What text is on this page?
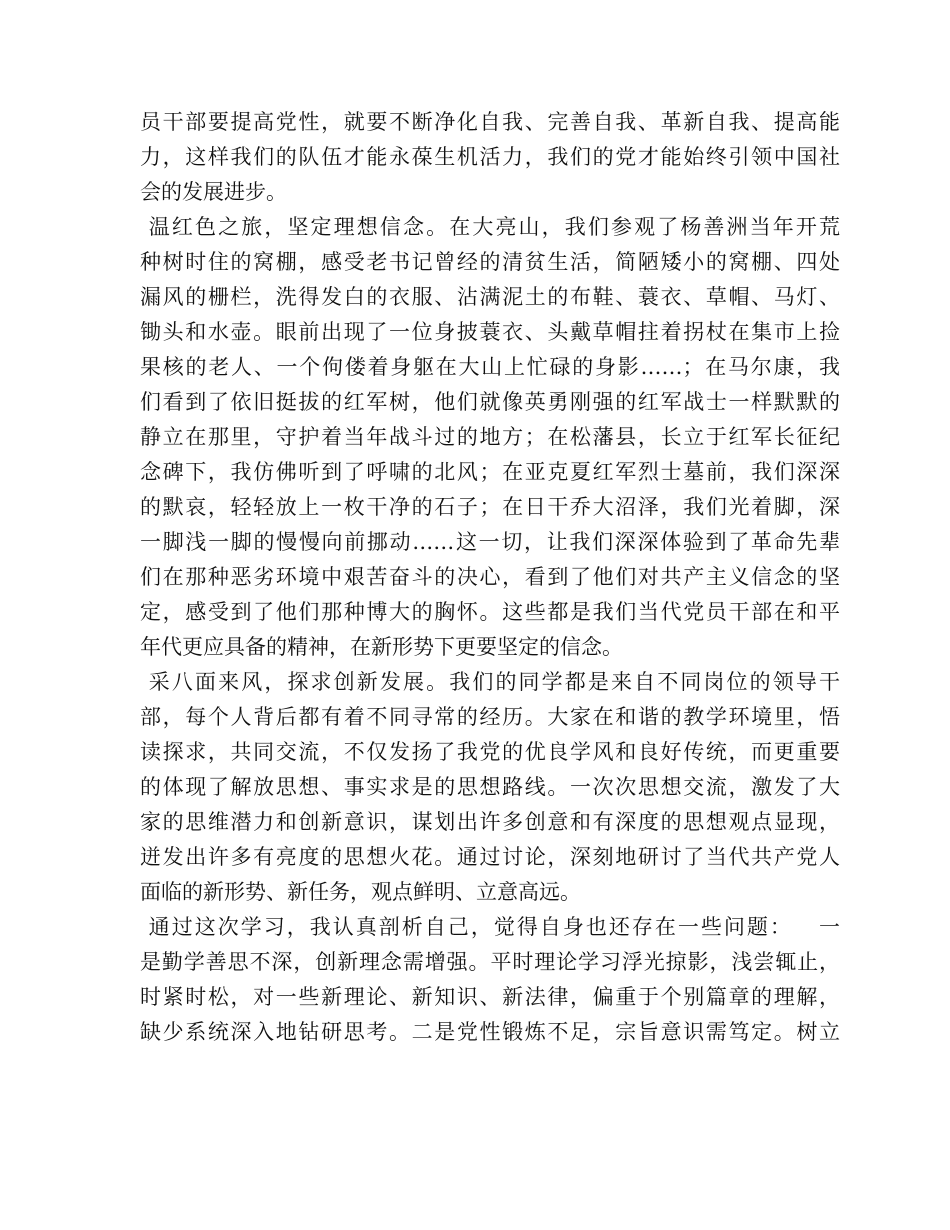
员干部要提高党性，就要不断净化自我、完善自我、革新自我、提高能
力，这样我们的队伍才能永葆生机活力，我们的党才能始终引领中国社
会的发展进步。
温红色之旅，坚定理想信念。在大亮山，我们参观了杨善洲当年开荒
种树时住的窝棚，感受老书记曾经的清贫生活，简陋矮小的窝棚、四处
漏风的栅栏，洗得发白的衣服、沾满泥土的布鞋、蓑衣、草帽、马灯、
锄头和水壶。眼前出现了一位身披蓑衣、头戴草帽拄着拐杖在集市上捡
果核的老人、一个佝偻着身躯在大山上忙碌的身影……；在马尔康，我
们看到了依旧挺拔的红军树，他们就像英勇刚强的红军战士一样默默的
静立在那里，守护着当年战斗过的地方；在松藩县，长立于红军长征纪
念碑下，我仿佛听到了呼啸的北风；在亚克夏红军烈士墓前，我们深深
的默哀，轻轻放上一枚干净的石子；在日干乔大沼泽，我们光着脚，深
一脚浅一脚的慢慢向前挪动……这一切，让我们深深体验到了革命先辈
们在那种恶劣环境中艰苦奋斗的决心，看到了他们对共产主义信念的坚
定，感受到了他们那种博大的胸怀。这些都是我们当代党员干部在和平
年代更应具备的精神，在新形势下更要坚定的信念。
采八面来风，探求创新发展。我们的同学都是来自不同岗位的领导干
部，每个人背后都有着不同寻常的经历。大家在和谐的教学环境里，悟
读探求，共同交流，不仅发扬了我党的优良学风和良好传统，而更重要
的体现了解放思想、事实求是的思想路线。一次次思想交流，激发了大
家的思维潜力和创新意识，谋划出许多创意和有深度的思想观点显现，
迸发出许多有亮度的思想火花。通过讨论，深刻地研讨了当代共产党人
面临的新形势、新任务，观点鲜明、立意高远。
通过这次学习，我认真剖析自己，觉得自身也还存在一些问题：   一
是勤学善思不深，创新理念需增强。平时理论学习浮光掠影，浅尝辄止，
时紧时松，对一些新理论、新知识、新法律，偏重于个别篇章的理解，
缺少系统深入地钻研思考。二是党性锻炼不足，宗旨意识需笃定。树立
